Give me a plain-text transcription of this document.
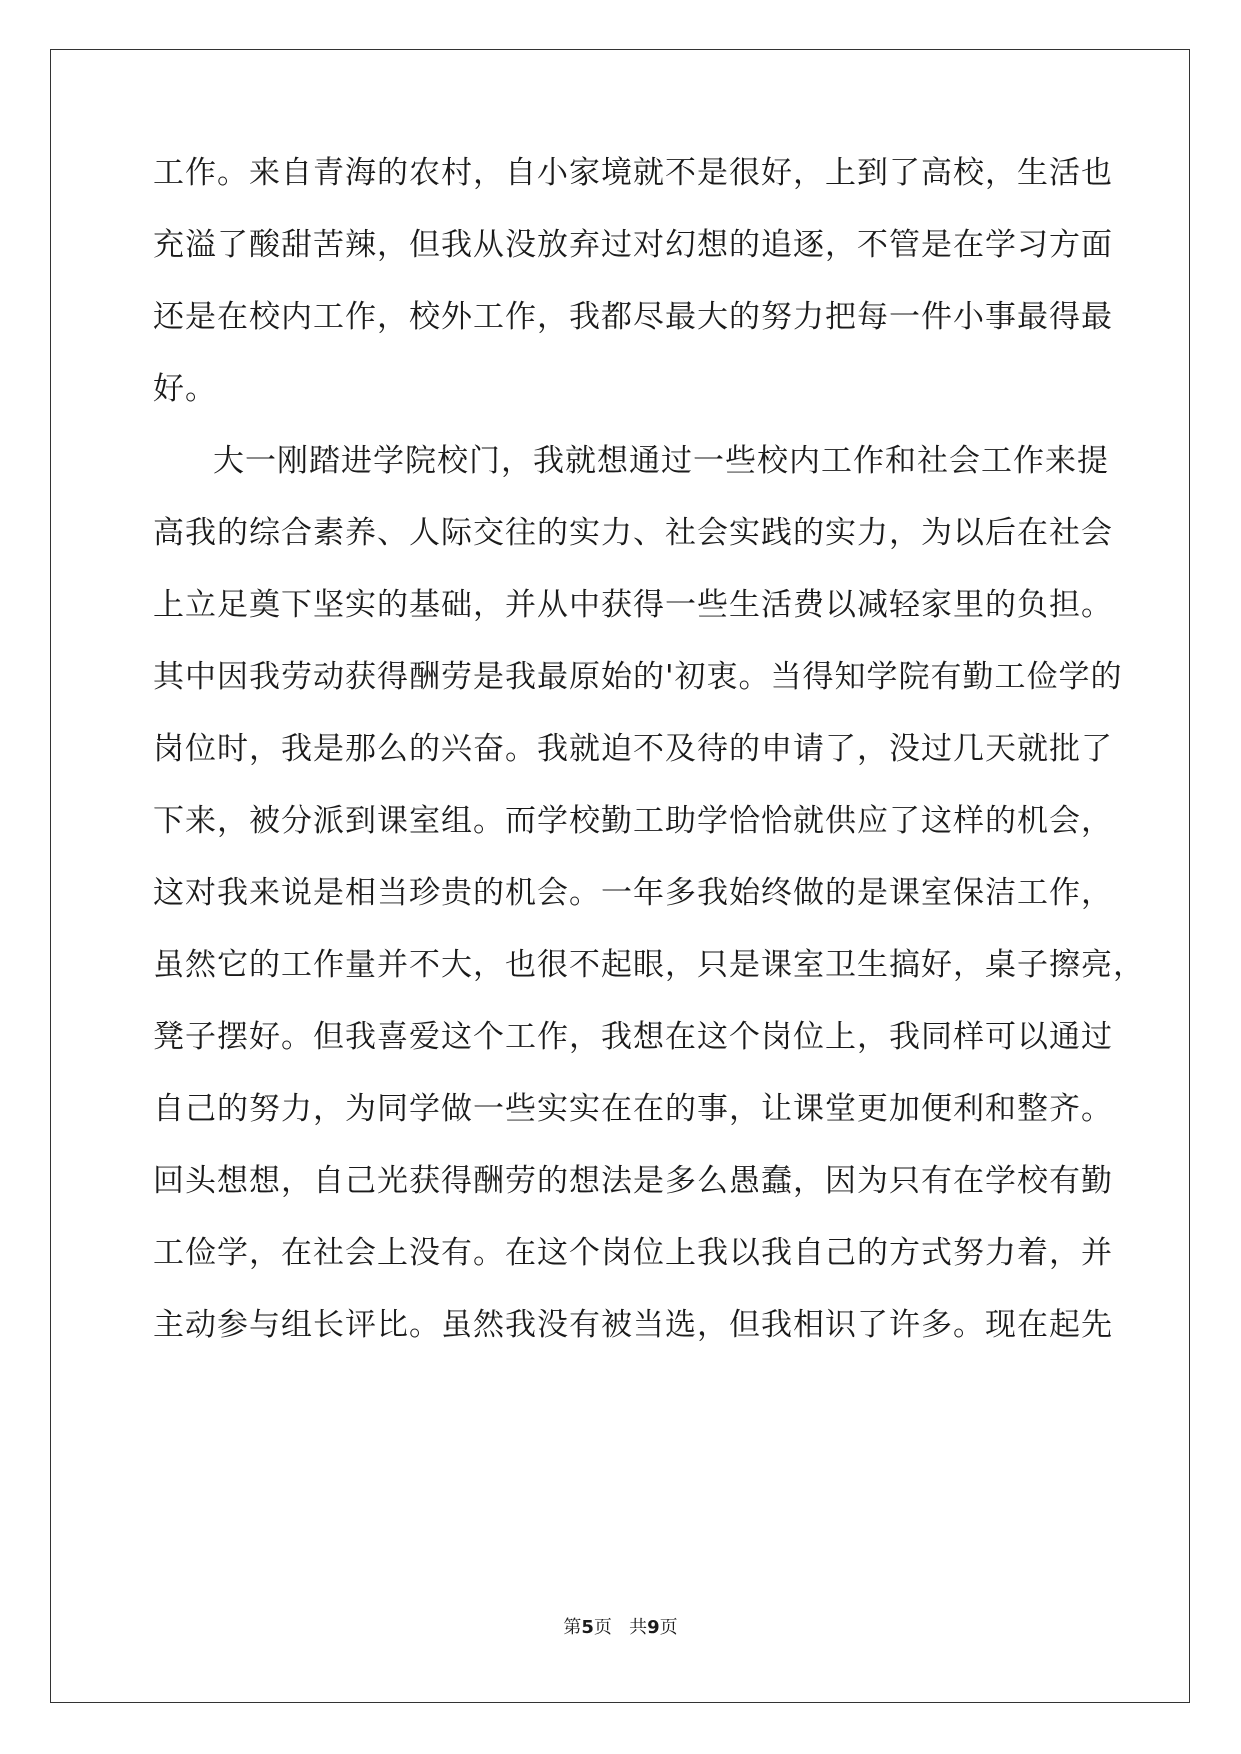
工作。来自青海的农村，自小家境就不是很好，上到了高校，生活也
充溢了酸甜苦辣，但我从没放弃过对幻想的追逐，不管是在学习方面
还是在校内工作，校外工作，我都尽最大的努力把每一件小事最得最
好。
大一刚踏进学院校门，我就想通过一些校内工作和社会工作来提
高我的综合素养、人际交往的实力、社会实践的实力，为以后在社会
上立足奠下坚实的基础，并从中获得一些生活费以减轻家里的负担。
其中因我劳动获得酬劳是我最原始的'初衷。当得知学院有勤工俭学的
岗位时，我是那么的兴奋。我就迫不及待的申请了，没过几天就批了
下来，被分派到课室组。而学校勤工助学恰恰就供应了这样的机会，
这对我来说是相当珍贵的机会。一年多我始终做的是课室保洁工作，
虽然它的工作量并不大，也很不起眼，只是课室卫生搞好，桌子擦亮，
凳子摆好。但我喜爱这个工作，我想在这个岗位上，我同样可以通过
自己的努力，为同学做一些实实在在的事，让课堂更加便利和整齐。
回头想想，自己光获得酬劳的想法是多么愚蠢，因为只有在学校有勤
工俭学，在社会上没有。在这个岗位上我以我自己的方式努力着，并
主动参与组长评比。虽然我没有被当选，但我相识了许多。现在起先
第5页 共9页
